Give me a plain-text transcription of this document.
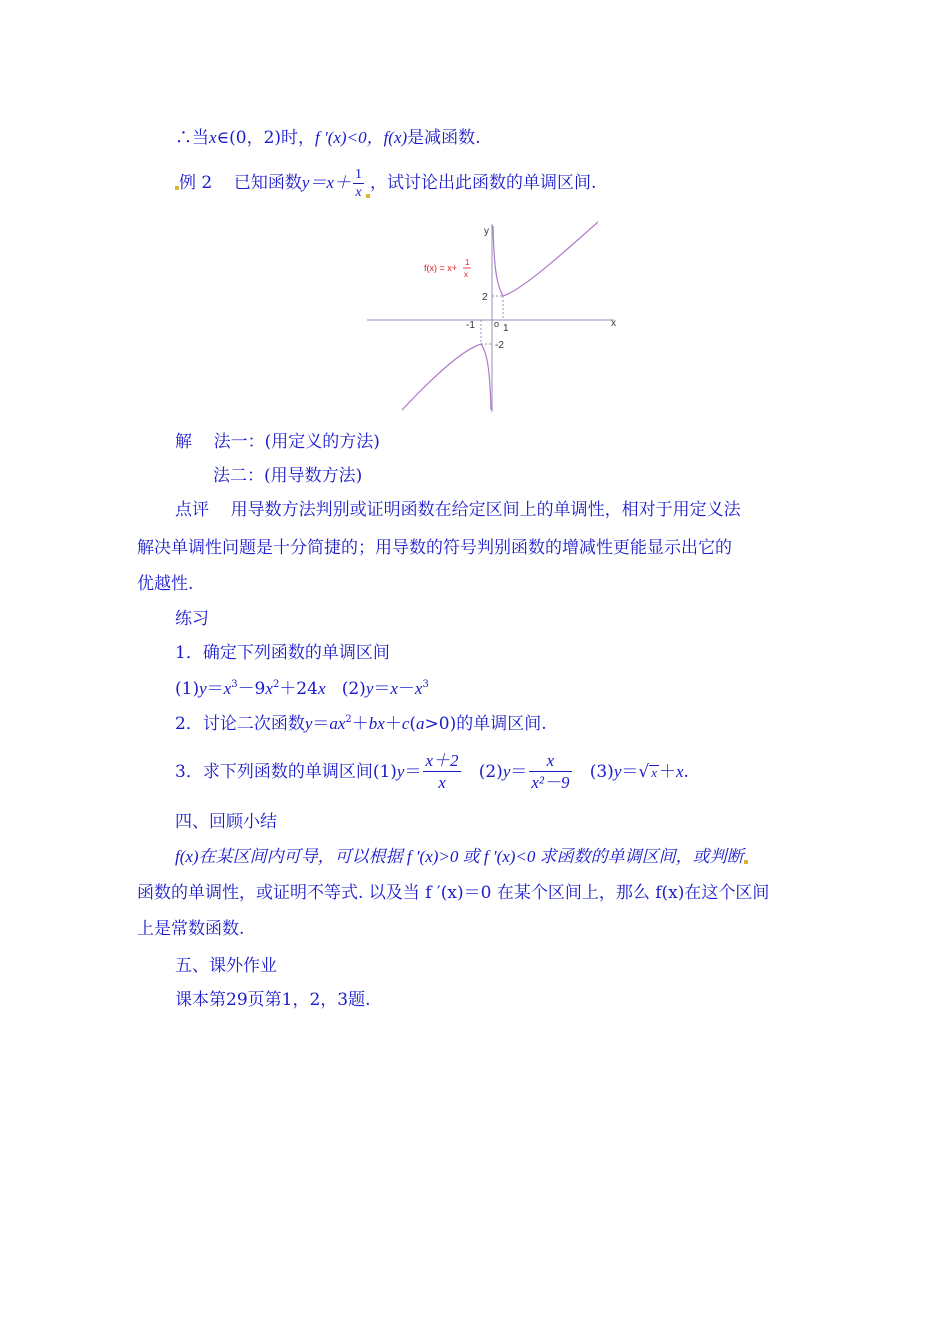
∴当x∈(0，2)时，f ′(x)<0，f(x)是减函数.
例 2 已知函数$y=x+ \frac{1}{x}$ ，试讨论出此函数的单调区间.
y
x
o
2
-2
-1	1
f(x) = x+
1
x
解 法一：(用定义的方法)
法二：(用导数方法)
点评 用导数方法判别或证明函数在给定区间上的单调性，相对于用定义法
解决单调性问题是十分简捷的；用导数的符号判别函数的增减性更能显示出它的
优越性.
练习
1．确定下列函数的单调区间
$(1)y=x^3-9x^2+24x$ $(2)y=x-x^3$
2．讨论二次函数$y=ax^2+bx+c(a>0)$的单调区间.
3．求下列函数的单调区间$(1)y= \frac{x+2}{x} (2)y= \frac{x}{\text{x²－9}} (3)y=√$ x ＋x.
四、回顾小结
f(x)在某区间内可导，可以根据 f ′(x)>0 或 f ′(x)<0 求函数的单调区间，或判断
函数的单调性，或证明不等式. 以及当 f ′(x)＝0 在某个区间上，那么 f(x)在这个区间
上是常数函数.
五、课外作业
课本第29页第1，2，3题.
